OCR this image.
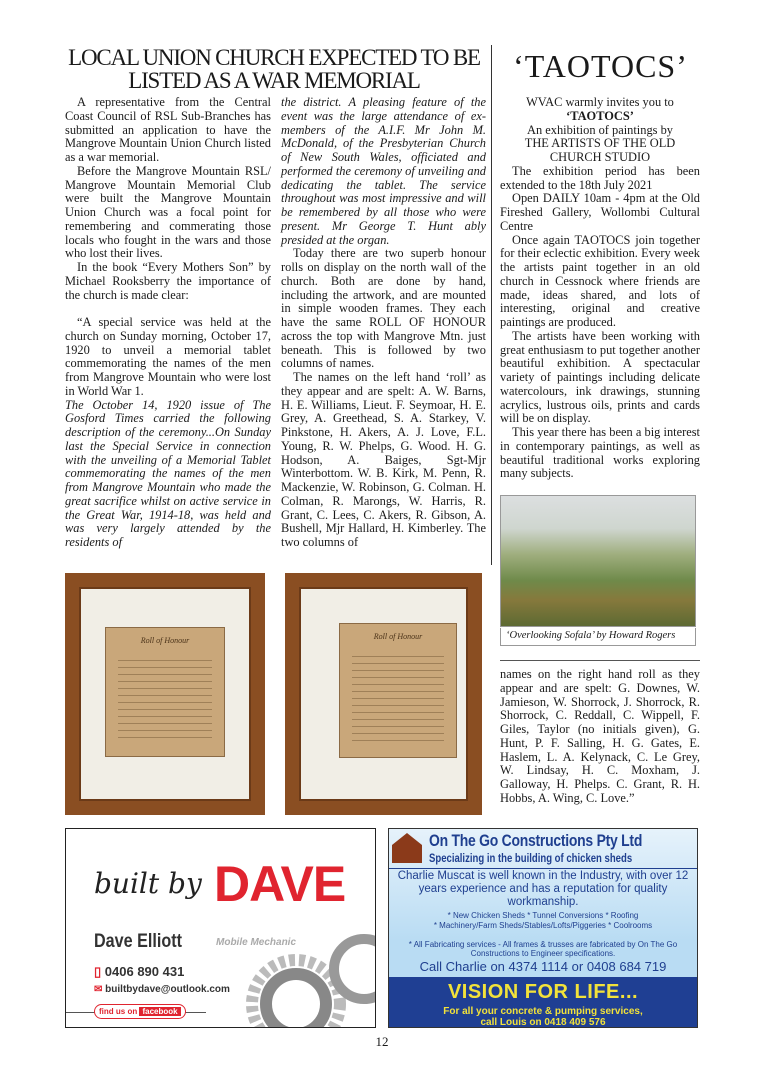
LOCAL UNION CHURCH EXPECTED TO BE
LISTED AS A WAR MEMORIAL

A representative from the Central Coast Council of RSL Sub-Branches has submitted an application to have the Mangrove Mountain Union Church listed as a war memorial.

Before the Mangrove Mountain RSL/ Mangrove Mountain Memorial Club were built the Mangrove Mountain Union Church was a focal point for remembering and commerating those locals who fought in the wars and those who lost their lives.

In the book “Every Mothers Son” by Michael Rooksberry the importance of the church is made clear:

“A special service was held at the church on Sunday morning, October 17, 1920 to unveil a memorial tablet commemorating the names of the men from Mangrove Mountain who were lost in World War 1.

The October 14, 1920 issue of The Gosford Times carried the following description of the ceremony...On Sunday last the Special Service in connection with the unveiling of a Memorial Tablet commemorating the names of the men from Mangrove Mountain who made the great sacrifice whilst on active service in the Great War, 1914-18, was held and was very largely attended by the residents of

the district. A pleasing feature of the event was the large attendance of ex-members of the A.I.F. Mr John M. McDonald, of the Presbyterian Church of New South Wales, officiated and performed the ceremony of unveiling and dedicating the tablet. The service throughout was most impressive and will be remembered by all those who were present. Mr George T. Hunt ably presided at the organ.

Today there are two superb honour rolls on display on the north wall of the church. Both are done by hand, including the artwork, and are mounted in simple wooden frames. They each have the same ROLL OF HONOUR across the top with Mangrove Mtn. just beneath. This is followed by two columns of names.

The names on the left hand ‘roll’ as they appear and are spelt: A. W. Barns, H. E. Williams, Lieut. F. Seymoar, H. E. Grey, A. Greethead, S. A. Starkey, V. Pinkstone, H. Akers, A. J. Love, F.L. Young, R. W. Phelps, G. Wood. H. G. Hodson, A. Baiges, Sgt-Mjr Winterbottom. W. B. Kirk, M. Penn, R. Mackenzie, W. Robinson, G. Colman. H. Colman, R. Marongs, W. Harris, R. Grant, C. Lees, C. Akers, R. Gibson, A. Bushell, Mjr Hallard, H. Kimberley. The two columns of

‘TAOTOCS’

WVAC warmly invites you to

‘TAOTOCS’

An exhibition of paintings by

THE ARTISTS OF THE OLD CHURCH STUDIO

The exhibition period has been extended to the 18th July 2021

Open DAILY 10am - 4pm at the Old Fireshed Gallery, Wollombi Cultural Centre

Once again TAOTOCS join together for their eclectic exhibition. Every week the artists paint together in an old church in Cessnock where friends are made, ideas shared, and lots of interesting, original and creative paintings are produced.

The artists have been working with great enthusiasm to put together another beautiful exhibition. A spectacular variety of paintings including delicate watercolours, ink drawings, stunning acrylics, lustrous oils, prints and cards will be on display.

This year there has been a big interest in contemporary paintings, as well as beautiful traditional works exploring many subjects.

‘Overlooking Sofala’ by Howard Rogers

names on the right hand roll as they appear and are spelt: G. Downes, W. Jamieson, W. Shorrock, J. Shorrock, R. Shorrock, C. Reddall, C. Wippell, F. Giles, Taylor (no initials given), G. Hunt, P. F. Salling, H. G. Gates, E. Haslem, L. A. Kelynack, C. Le Grey, W. Lindsay, H. C. Moxham, J. Galloway, H. Phelps. C. Grant, R. H. Hobbs, A. Wing, C. Love.”

Roll of Honour	Roll of Honour
built by DAVE
Dave Elliott	Mobile Mechanic
▯ 0406 890 431
✉ builtbydave@outlook.com
find us on facebook
On The Go Constructions Pty Ltd
Specializing in the building of chicken sheds
Charlie Muscat is well known in the Industry, with over 12 years experience and has a reputation for quality workmanship.
* New Chicken Sheds * Tunnel Conversions * Roofing
* Machinery/Farm Sheds/Stables/Lofts/Piggeries * Coolrooms
* All Fabricating services - All frames & trusses are fabricated by On The Go Constructions to Engineer specifications.
Call Charlie on 4374 1114 or 0408 684 719
VISION FOR LIFE...
For all your concrete & pumping services,
call Louis on 0418 409 576
12
